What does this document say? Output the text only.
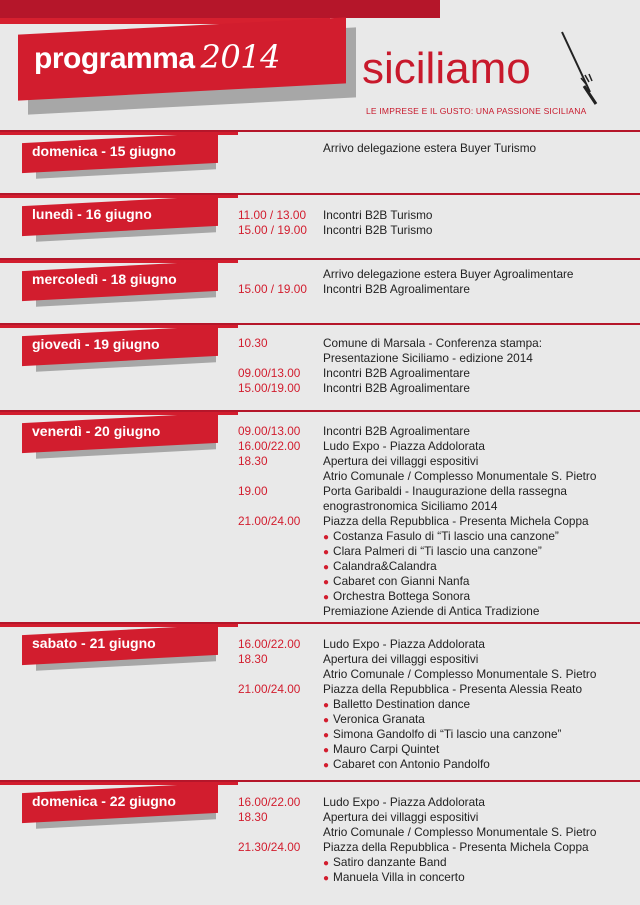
programma 2014 siciliamo
LE IMPRESE E IL GUSTO: UNA PASSIONE SICILIANA
domenica - 15 giugno	Arrivo delegazione estera Buyer Turismo
lunedì - 16 giugno	11.00 / 13.00 Incontri B2B Turismo
15.00 / 19.00 Incontri B2B Turismo
mercoledì - 18 giugno	Arrivo delegazione estera Buyer Agroalimentare
15.00 / 19.00 Incontri B2B Agroalimentare
giovedì - 19 giugno	10.30	Comune di Marsala - Conferenza stampa:
Presentazione Siciliamo - edizione 2014
09.00/13.00 Incontri B2B Agroalimentare
15.00/19.00 Incontri B2B Agroalimentare
venerdì - 20 giugno	09.00/13.00 Incontri B2B Agroalimentare
16.00/22.00 Ludo Expo - Piazza Addolorata
18.30	Apertura dei villaggi espositivi
Atrio Comunale / Complesso Monumentale S. Pietro
19.00	Porta Garibaldi - Inaugurazione della rassegna
enograstronomica Siciliamo 2014
21.00/24.00 Piazza della Repubblica - Presenta Michela Coppa
● Costanza Fasulo di “Ti lascio una canzone”
● Clara Palmeri di “Ti lascio una canzone”
● Calandra&Calandra
● Cabaret con Gianni Nanfa
● Orchestra Bottega Sonora
Premiazione Aziende di Antica Tradizione
sabato - 21 giugno	16.00/22.00 Ludo Expo - Piazza Addolorata
18.30	Apertura dei villaggi espositivi
Atrio Comunale / Complesso Monumentale S. Pietro
21.00/24.00 Piazza della Repubblica - Presenta Alessia Reato
● Balletto Destination dance
● Veronica Granata
● Simona Gandolfo di “Ti lascio una canzone”
● Mauro Carpi Quintet
● Cabaret con Antonio Pandolfo
domenica - 22 giugno	16.00/22.00 Ludo Expo - Piazza Addolorata
18.30	Apertura dei villaggi espositivi
Atrio Comunale / Complesso Monumentale S. Pietro
21.30/24.00 Piazza della Repubblica - Presenta Michela Coppa
● Satiro danzante Band
● Manuela Villa in concerto
